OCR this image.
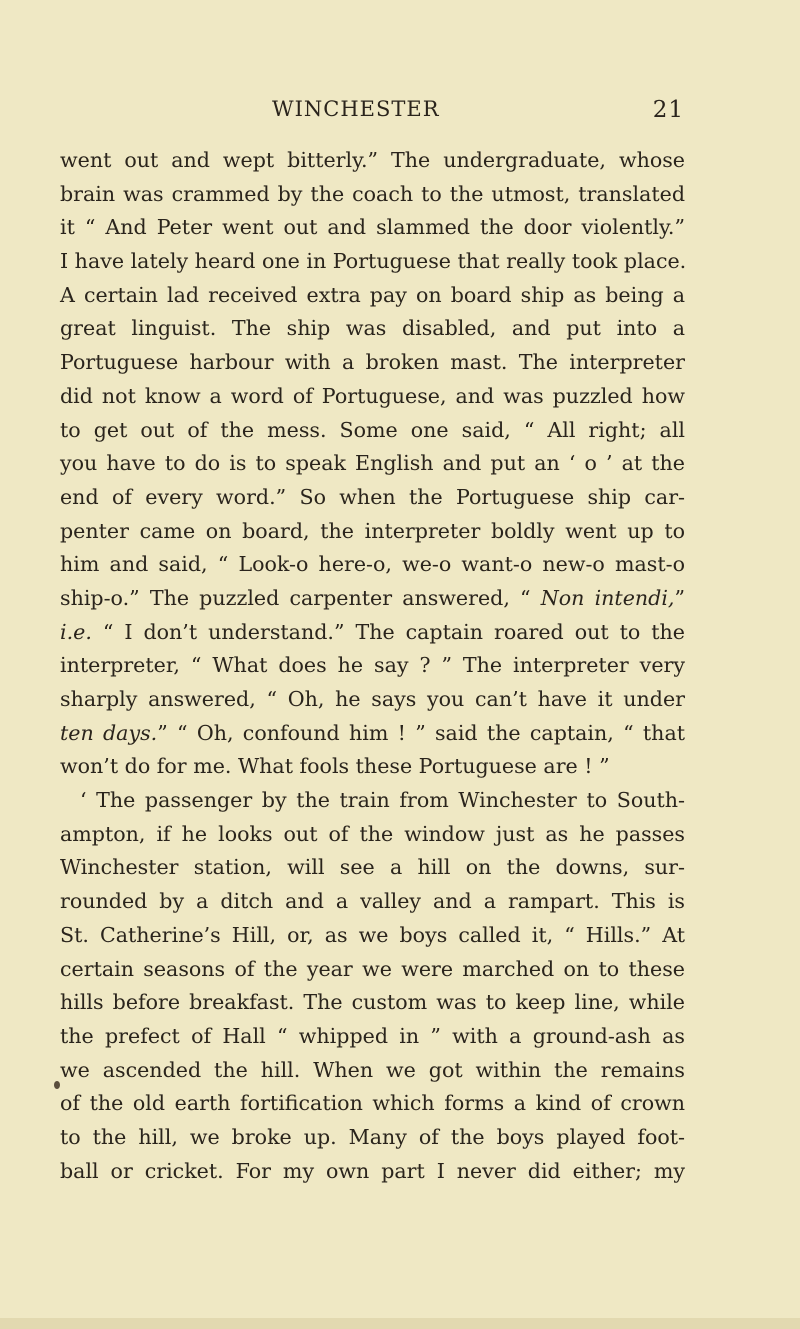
WINCHESTER	21
went out and wept bitterly.” The undergraduate, whose
brain was crammed by the coach to the utmost, translated
it “ And Peter went out and slammed the door violently.”
I have lately heard one in Portuguese that really took place.
A certain lad received extra pay on board ship as being a
great linguist. The ship was disabled, and put into a
Portuguese harbour with a broken mast. The interpreter
did not know a word of Portuguese, and was puzzled how
to get out of the mess. Some one said, “ All right; all
you have to do is to speak English and put an ‘ o ’ at the
end of every word.” So when the Portuguese ship car-
penter came on board, the interpreter boldly went up to
him and said, “ Look-o here-o, we-o want-o new-o mast-o
ship-o.” The puzzled carpenter answered, “ Non intendi,”
i.e. “ I don’t understand.” The captain roared out to the
interpreter, “ What does he say ? ” The interpreter very
sharply answered, “ Oh, he says you can’t have it under
ten days.” “ Oh, confound him ! ” said the captain, “ that
won’t do for me. What fools these Portuguese are ! ”
‘ The passenger by the train from Winchester to South-
ampton, if he looks out of the window just as he passes
Winchester station, will see a hill on the downs, sur-
rounded by a ditch and a valley and a rampart. This is
St. Catherine’s Hill, or, as we boys called it, “ Hills.” At
certain seasons of the year we were marched on to these
hills before breakfast. The custom was to keep line, while
the prefect of Hall “ whipped in ” with a ground-ash as
we ascended the hill. When we got within the remains
of the old earth fortification which forms a kind of crown
to the hill, we broke up. Many of the boys played foot-
ball or cricket. For my own part I never did either; my
